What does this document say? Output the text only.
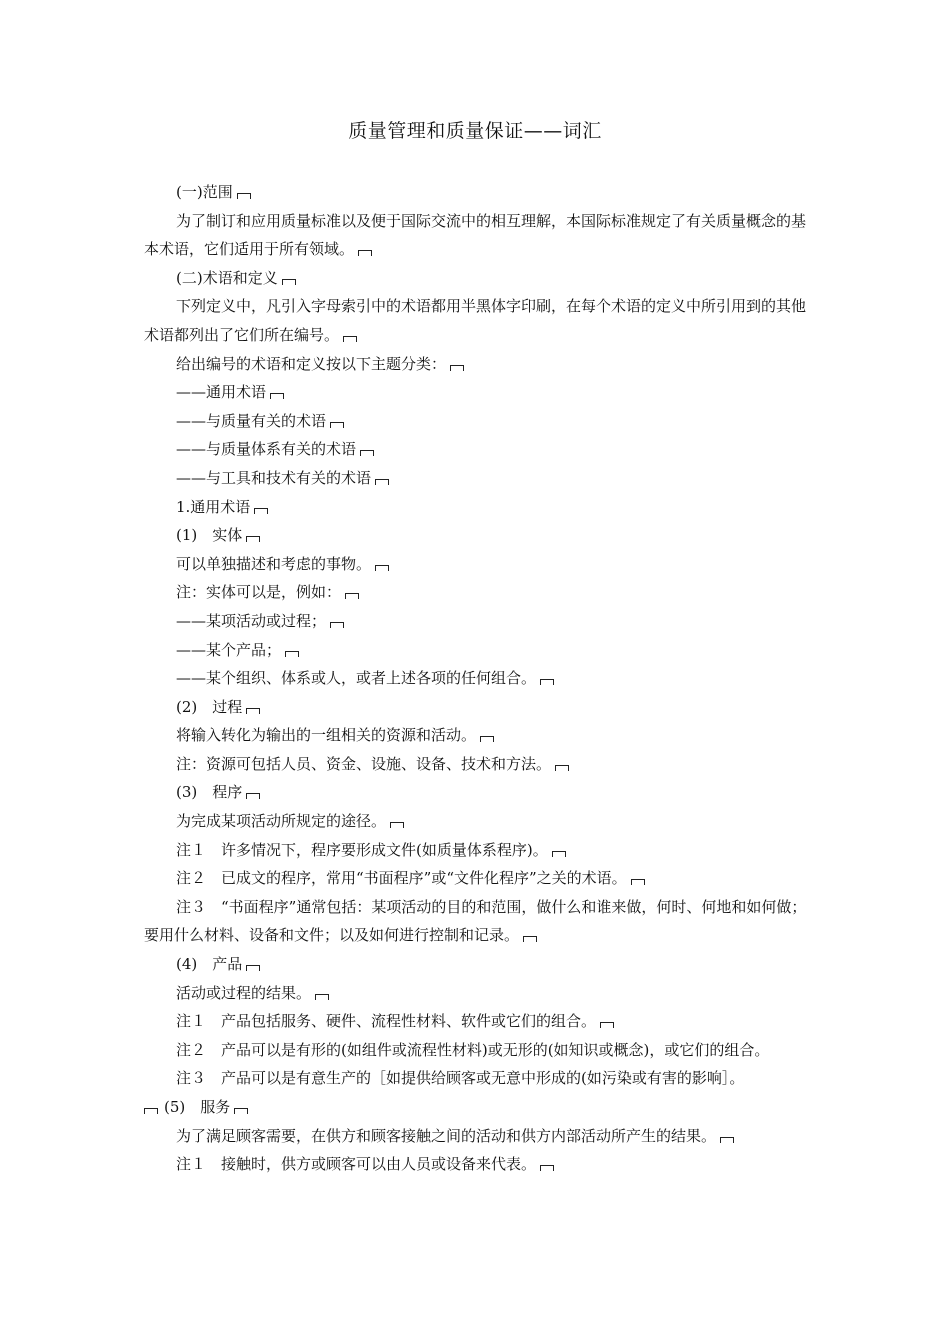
质量管理和质量保证——词汇

(一)范围

为了制订和应用质量标准以及便于国际交流中的相互理解，本国际标准规定了有关质量概念的基本术语，它们适用于所有领域。

(二)术语和定义

下列定义中，凡引入字母索引中的术语都用半黑体字印刷，在每个术语的定义中所引用到的其他术语都列出了它们所在编号。

给出编号的术语和定义按以下主题分类：

——通用术语

——与质量有关的术语

——与质量体系有关的术语

——与工具和技术有关的术语

1.通用术语

(1)　实体

可以单独描述和考虑的事物。

注：实体可以是，例如：

——某项活动或过程；

——某个产品；

——某个组织、体系或人，或者上述各项的任何组合。

(2)　过程

将输入转化为输出的一组相关的资源和活动。

注：资源可包括人员、资金、设施、设备、技术和方法。

(3)　程序

为完成某项活动所规定的途径。

注１　许多情况下，程序要形成文件(如质量体系程序)。

注２　已成文的程序，常用“书面程序”或“文件化程序”之关的术语。

注３　“书面程序”通常包括：某项活动的目的和范围，做什么和谁来做，何时、何地和如何做；要用什么材料、设备和文件；以及如何进行控制和记录。

(4)　产品

活动或过程的结果。

注１　产品包括服务、硬件、流程性材料、软件或它们的组合。

注２　产品可以是有形的(如组件或流程性材料)或无形的(如知识或概念)，或它们的组合。

注３　产品可以是有意生产的［如提供给顾客或无意中形成的(如污染或有害的影响］。

(5)　服务

为了满足顾客需要，在供方和顾客接触之间的活动和供方内部活动所产生的结果。

注１　接触时，供方或顾客可以由人员或设备来代表。
